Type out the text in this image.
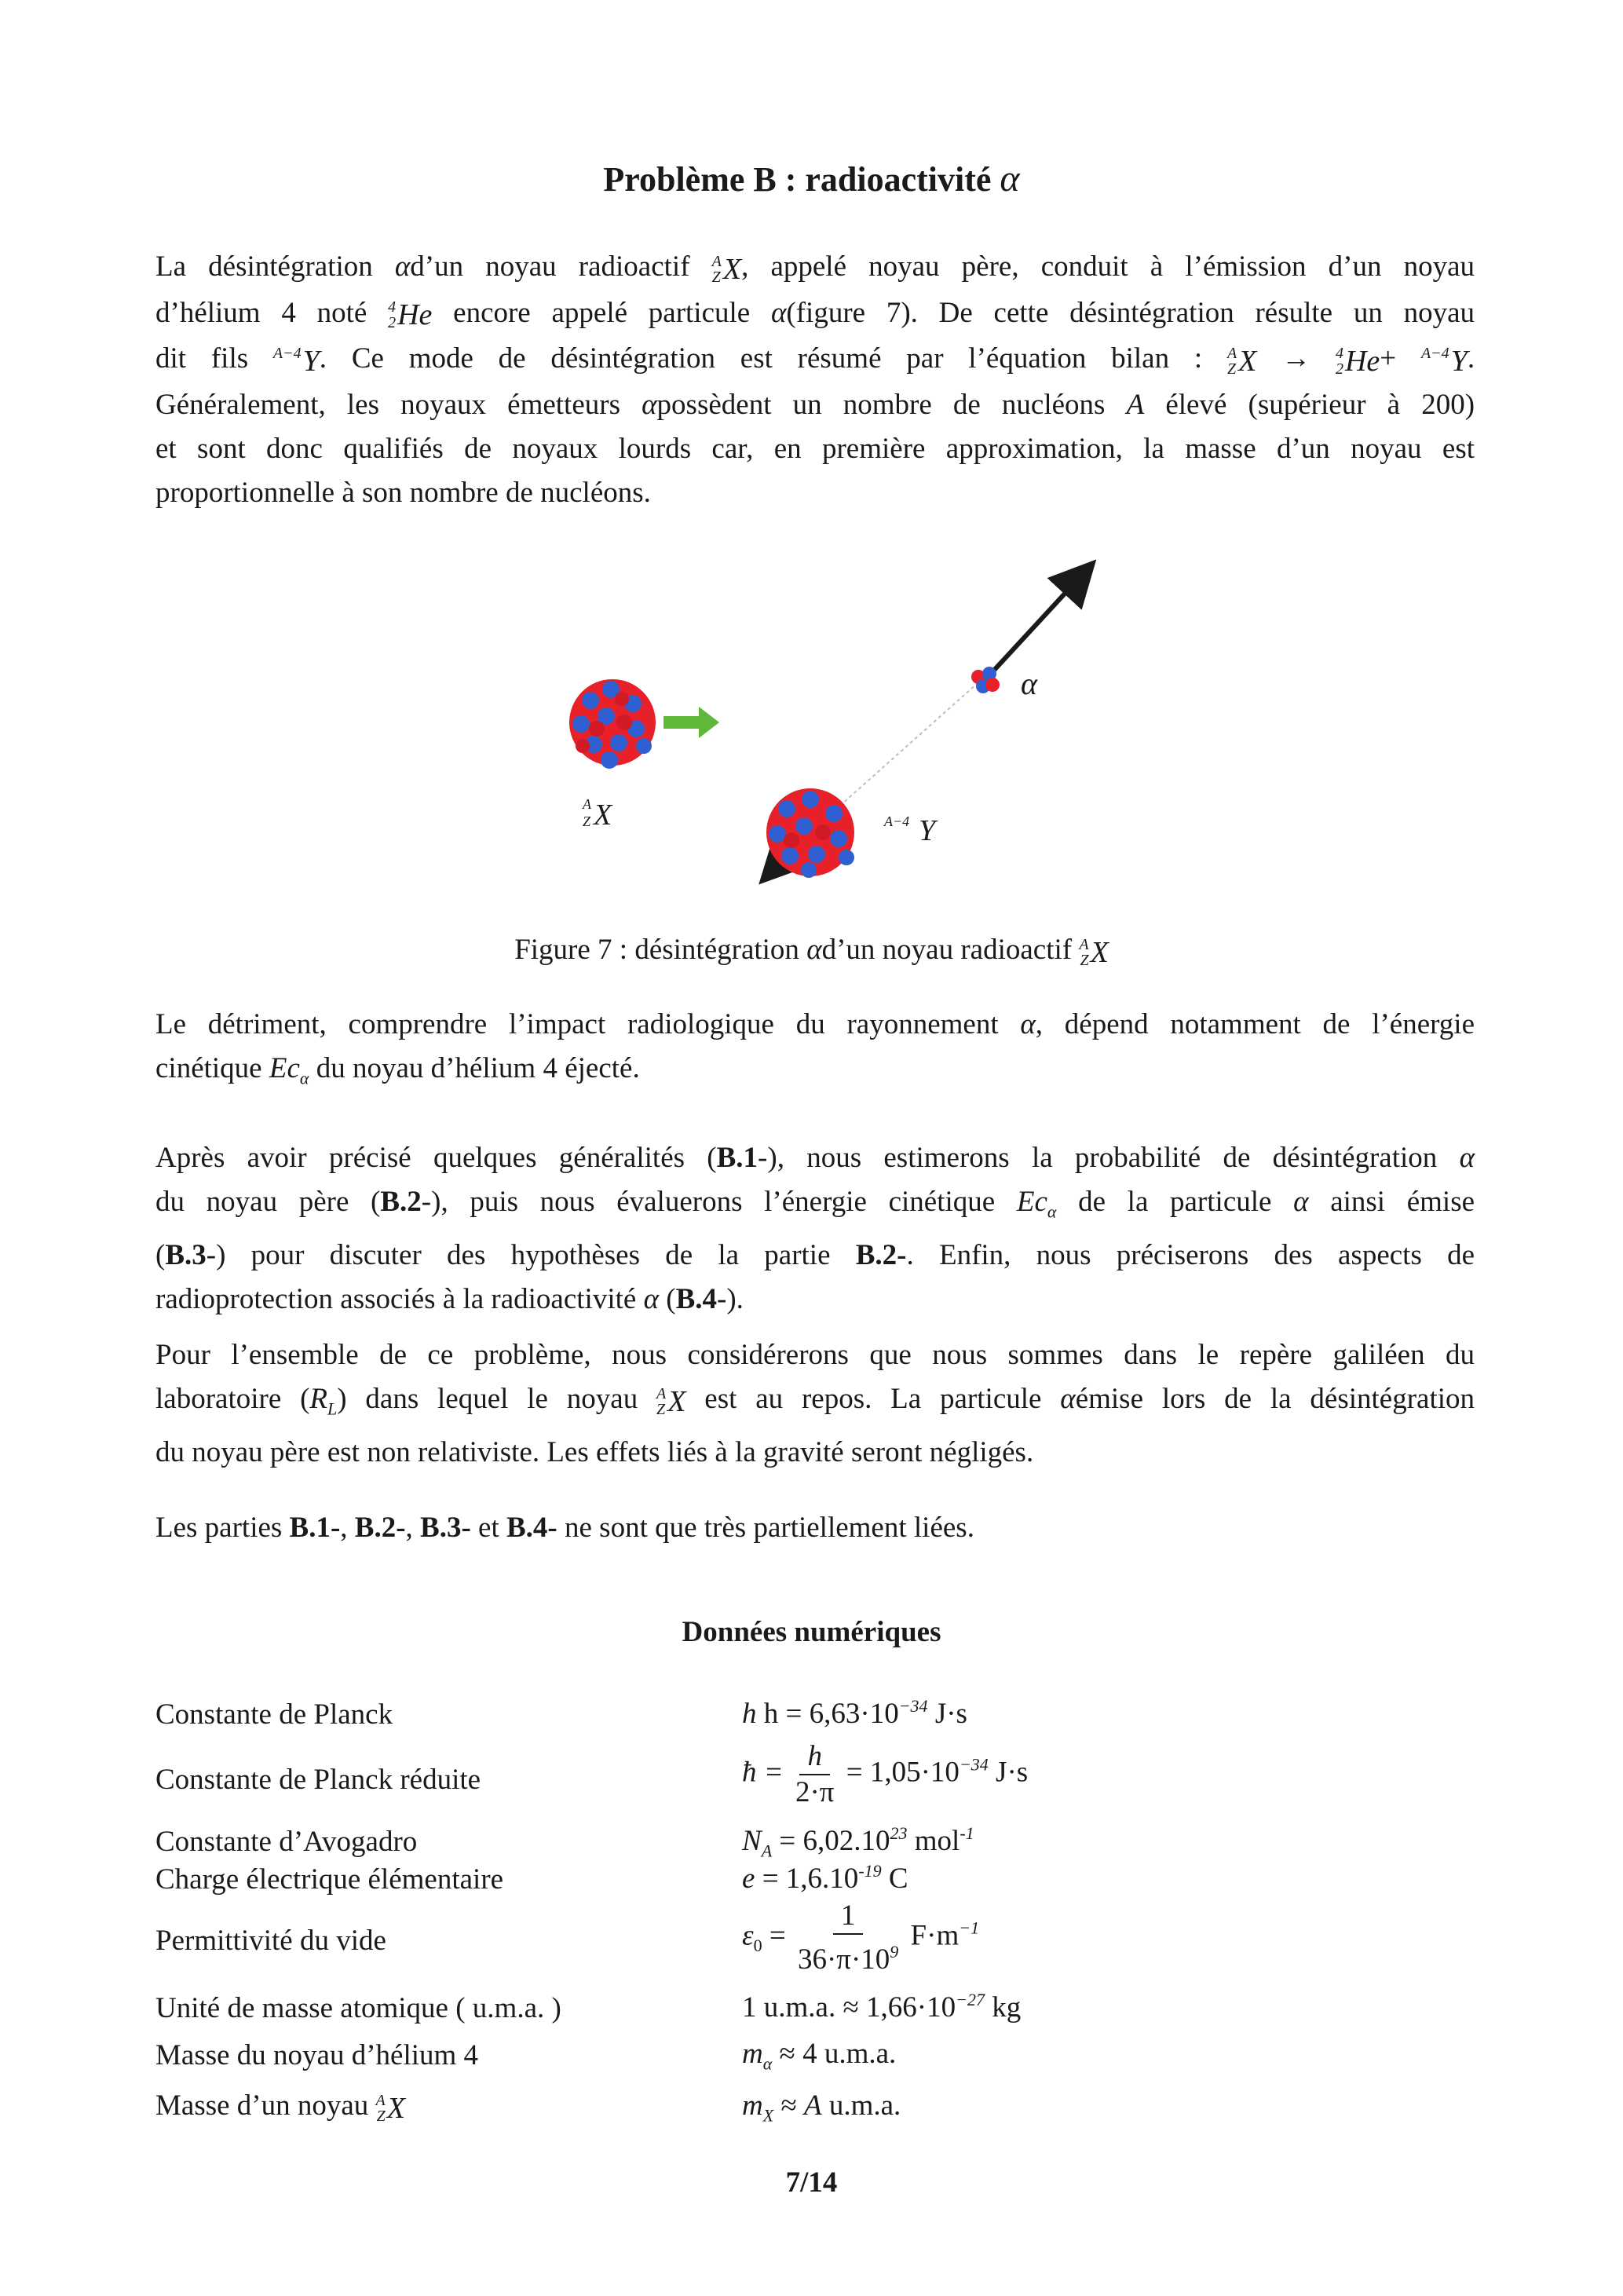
Problème B : radioactivité α

La désintégration αd’un noyau radioactif A
Z X , appelé noyau père, conduit à l’émission d’un noyau

d’hélium 4 noté 4
2 He encore appelé particule α(figure 7). De cette désintégration résulte un noyau

dit fils A−4
Y . Ce mode de désintégration est résumé par l’équation bilan : A
Z X → 4
2 He + A−4
Y .

Généralement, les noyaux émetteurs αpossèdent un nombre de nucléons A élevé (supérieur à 200)

et sont donc qualifiés de noyaux lourds car, en première approximation, la masse d’un noyau est

proportionnelle à son nombre de nucléons.

α
A
Z X	A−4 Y
Figure 7 : désintégration αd’un noyau radioactif A
Z X

Le détriment, comprendre l’impact radiologique du rayonnement α, dépend notamment de l’énergie

cinétique $Ec_\alpha$ du noyau d’hélium 4 éjecté.

Après avoir précisé quelques généralités (B.1-), nous estimerons la probabilité de désintégration α

du noyau père (B.2-), puis nous évaluerons l’énergie cinétique $Ec_\alpha$ de la particule α ainsi émise

(B.3-) pour discuter des hypothèses de la partie B.2-. Enfin, nous préciserons des aspects de

radioprotection associés à la radioactivité α (B.4-).

Pour l’ensemble de ce problème, nous considérerons que nous sommes dans le repère galiléen du

laboratoire $(R_L)$ dans lequel le noyau A
Z X est au repos. La particule αémise lors de la désintégration

du noyau père est non relativiste. Les effets liés à la gravité seront négligés.

Les parties B.1-, B.2-, B.3- et B.4- ne sont que très partiellement liées.

Données numériques
Constante de Planck	h $h = 6,63\cdot 10^{-34}$ J·s
Constante de Planck réduite	ħ = $\frac{h}{2\cdot\pi} = 1,05\cdot 10^{-34}$ J·s
Constante d’Avogadro	$N_A = 6,02.10^{23}$ mol$^{-1}$
Charge électrique élémentaire	$e = 1,6.10^{-19}$ C
Permittivité du vide	$\varepsilon_0 = \frac{1}{36\cdot\pi\cdot 10^9} F\cdot m^{-1}$
Unité de masse atomique ( u.m.a. )	1 u.m.a. ≈ $1,66\cdot 10^{-27}$ kg
Masse du noyau d’hélium 4	$m_\alpha \approx 4$ u.m.a.
Masse d’un noyau A
Z X	$m_X \approx A$ u.m.a.
7/14
